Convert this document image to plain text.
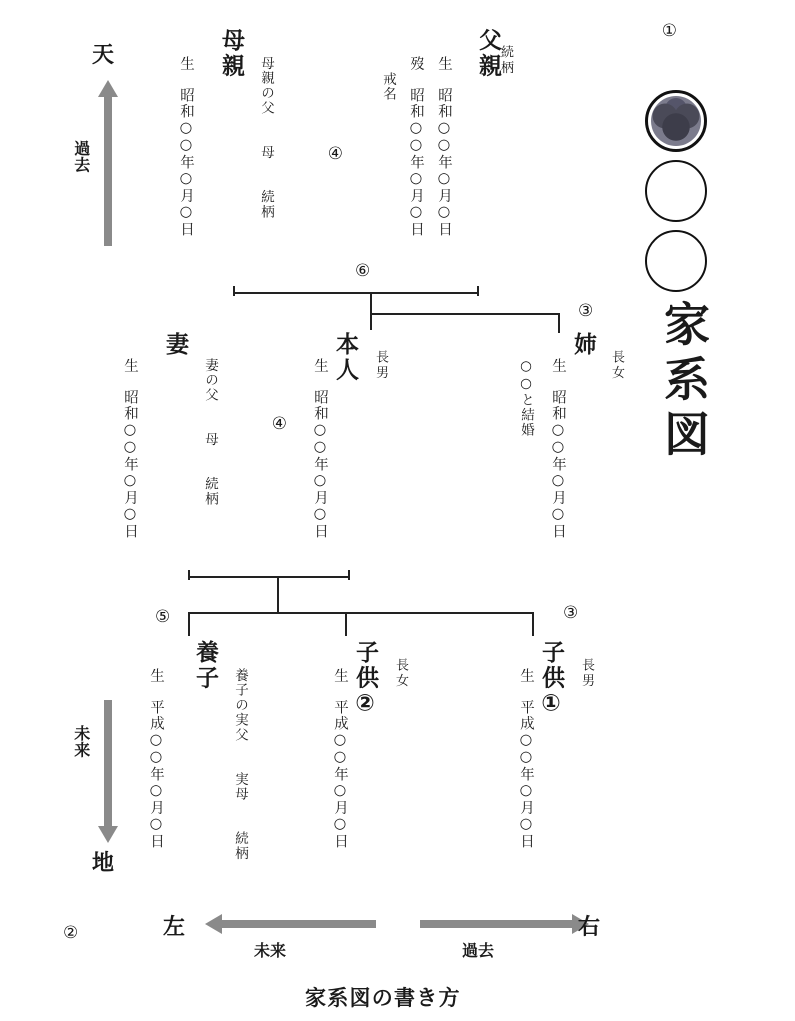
①
家
系
図
天
過去
未来
地
父親
続柄
生　昭和○○年○月○日
歿　昭和○○年○月○日
戒名
母親
生　昭和○○年○月○日	母親の父　　母　　続柄	④
⑥
③
本人 長男
生　昭和○○年○月○日
妻
生　昭和○○年○月○日	妻の父　　母　　続柄	④
姉
長女
生　昭和○○年○月○日
○○と結婚
⑤	③
子供① 長男
生　平成○○年○月○日
子供② 長女
生　平成○○年○月○日
養子
生　平成○○年○月○日	養子の実父　　実母　　続柄
左
未来
右
過去
②
家系図の書き方
